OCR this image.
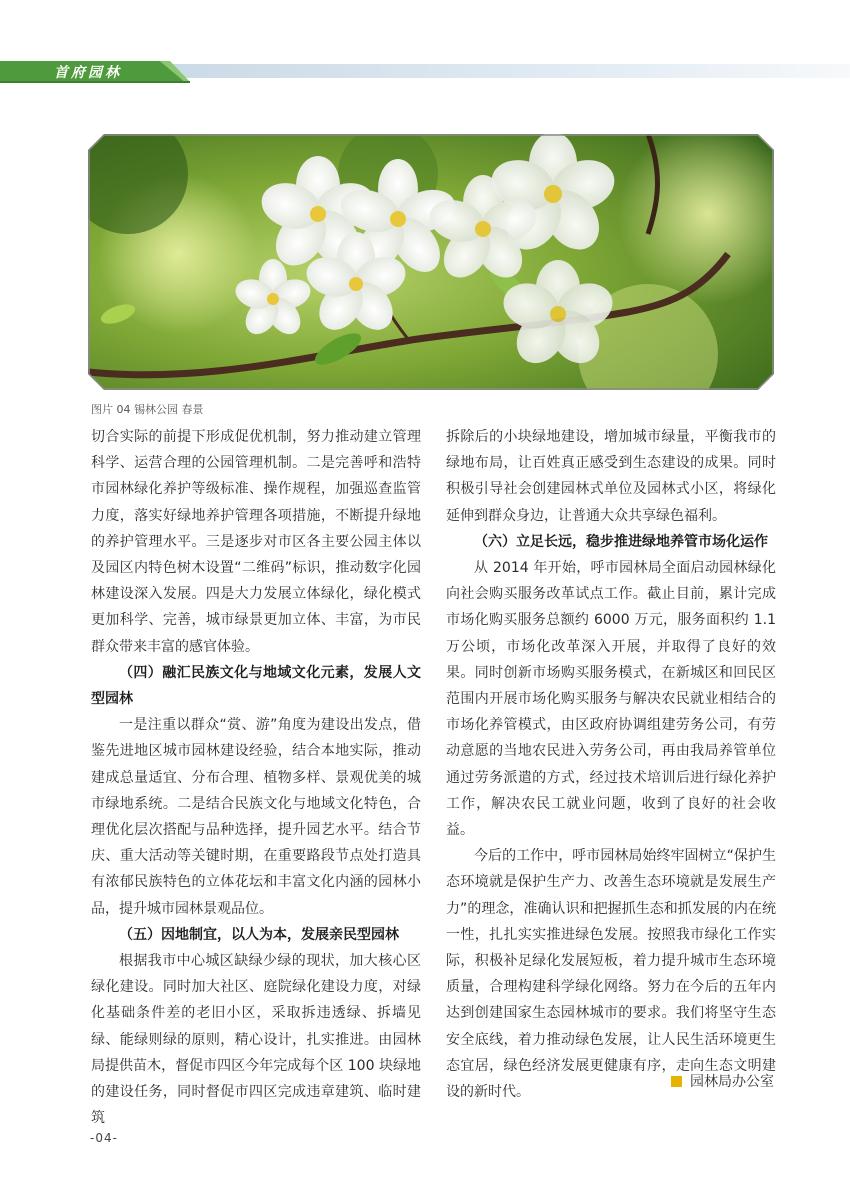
首府园林
图片 04 锡林公园 春景

切合实际的前提下形成促优机制，努力推动建立管理科学、运营合理的公园管理机制。二是完善呼和浩特市园林绿化养护等级标准、操作规程，加强巡查监管力度，落实好绿地养护管理各项措施，不断提升绿地的养护管理水平。三是逐步对市区各主要公园主体以及园区内特色树木设置“二维码”标识，推动数字化园林建设深入发展。四是大力发展立体绿化，绿化模式更加科学、完善，城市绿景更加立体、丰富，为市民群众带来丰富的感官体验。

（四）融汇民族文化与地域文化元素，发展人文型园林

一是注重以群众“赏、游”角度为建设出发点，借鉴先进地区城市园林建设经验，结合本地实际，推动建成总量适宜、分布合理、植物多样、景观优美的城市绿地系统。二是结合民族文化与地域文化特色，合理优化层次搭配与品种选择，提升园艺水平。结合节庆、重大活动等关键时期，在重要路段节点处打造具有浓郁民族特色的立体花坛和丰富文化内涵的园林小品，提升城市园林景观品位。

（五）因地制宜，以人为本，发展亲民型园林

根据我市中心城区缺绿少绿的现状，加大核心区绿化建设。同时加大社区、庭院绿化建设力度，对绿化基础条件差的老旧小区，采取拆违透绿、拆墙见绿、能绿则绿的原则，精心设计，扎实推进。由园林局提供苗木，督促市四区今年完成每个区 100 块绿地的建设任务，同时督促市四区完成违章建筑、临时建筑

拆除后的小块绿地建设，增加城市绿量，平衡我市的绿地布局，让百姓真正感受到生态建设的成果。同时积极引导社会创建园林式单位及园林式小区，将绿化延伸到群众身边，让普通大众共享绿色福利。

（六）立足长远，稳步推进绿地养管市场化运作

从 2014 年开始，呼市园林局全面启动园林绿化向社会购买服务改革试点工作。截止目前，累计完成市场化购买服务总额约 6000 万元，服务面积约 1.1 万公顷，市场化改革深入开展，并取得了良好的效果。同时创新市场购买服务模式，在新城区和回民区范围内开展市场化购买服务与解决农民就业相结合的市场化养管模式，由区政府协调组建劳务公司，有劳动意愿的当地农民进入劳务公司，再由我局养管单位通过劳务派遣的方式，经过技术培训后进行绿化养护工作，解决农民工就业问题，收到了良好的社会收益。

今后的工作中，呼市园林局始终牢固树立“保护生态环境就是保护生产力、改善生态环境就是发展生产力”的理念，准确认识和把握抓生态和抓发展的内在统一性，扎扎实实推进绿色发展。按照我市绿化工作实际，积极补足绿化发展短板，着力提升城市生态环境质量，合理构建科学绿化网络。努力在今后的五年内达到创建国家生态园林城市的要求。我们将坚守生态安全底线，着力推动绿色发展，让人民生活环境更生态宜居，绿色经济发展更健康有序，走向生态文明建设的新时代。

园林局办公室
-04-
